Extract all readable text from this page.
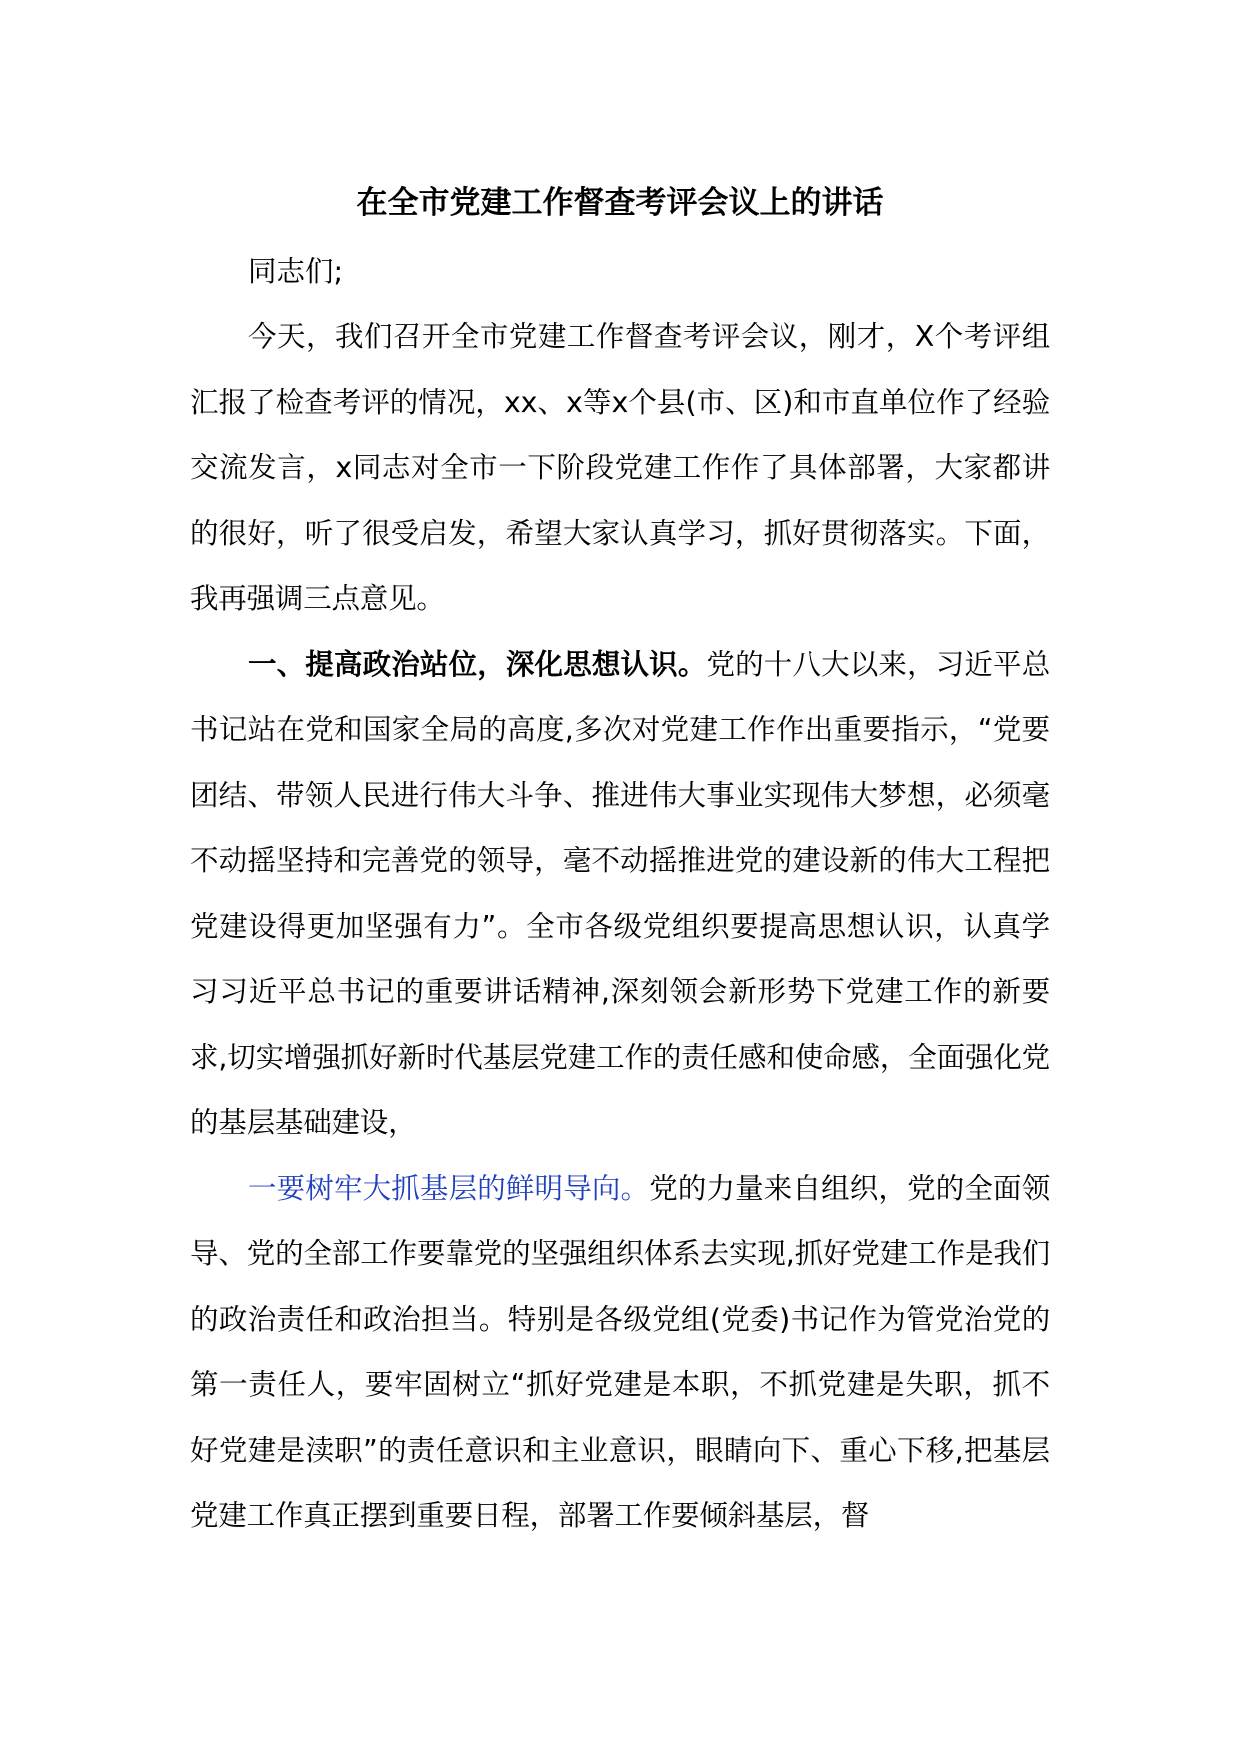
在全市党建工作督查考评会议上的讲话

同志们;

今天，我们召开全市党建工作督查考评会议，刚才，X个考评组汇报了检查考评的情况，xx、x等x个县(市、区)和市直单位作了经验交流发言，x同志对全市一下阶段党建工作作了具体部署，大家都讲的很好，听了很受启发，希望大家认真学习，抓好贯彻落实。下面，我再强调三点意见。

一、提高政治站位，深化思想认识。党的十八大以来，习近平总书记站在党和国家全局的高度,多次对党建工作作出重要指示，“党要团结、带领人民进行伟大斗争、推进伟大事业实现伟大梦想，必须毫不动摇坚持和完善党的领导，毫不动摇推进党的建设新的伟大工程把党建设得更加坚强有力”。全市各级党组织要提高思想认识，认真学习习近平总书记的重要讲话精神,深刻领会新形势下党建工作的新要求,切实增强抓好新时代基层党建工作的责任感和使命感，全面强化党的基层基础建设，

一要树牢大抓基层的鲜明导向。党的力量来自组织，党的全面领导、党的全部工作要靠党的坚强组织体系去实现,抓好党建工作是我们的政治责任和政治担当。特别是各级党组(党委)书记作为管党治党的第一责任人，要牢固树立“抓好党建是本职，不抓党建是失职，抓不好党建是渎职”的责任意识和主业意识，眼睛向下、重心下移,把基层党建工作真正摆到重要日程，部署工作要倾斜基层，督
